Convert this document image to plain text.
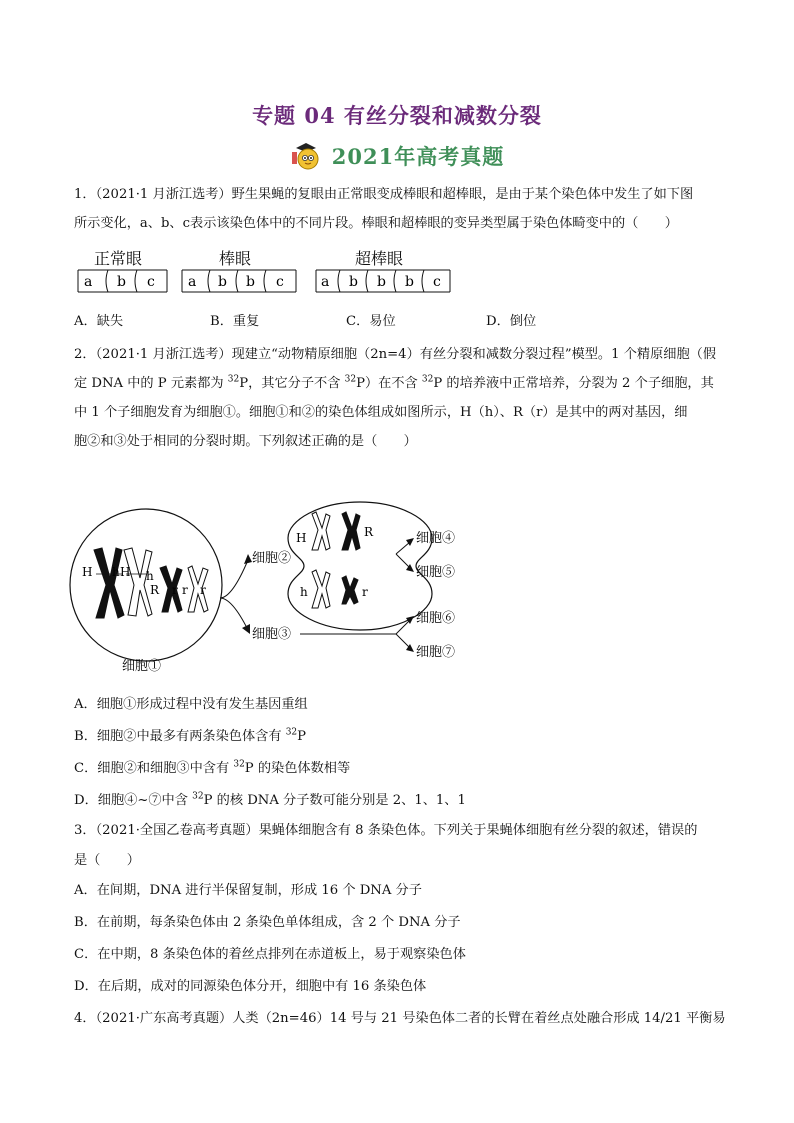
专题 04 有丝分裂和减数分裂
2021年高考真题
1．（2021·1 月浙江选考）野生果蝇的复眼由正常眼变成棒眼和超棒眼，是由于某个染色体中发生了如下图
所示变化，a、b、c表示该染色体中的不同片段。棒眼和超棒眼的变异类型属于染色体畸变中的（　　）
正常眼	棒眼	超棒眼
a b c a b b c	a b b b c
A．缺失	B．重复	C．易位	D．倒位
2．（2021·1 月浙江选考）现建立“动物精原细胞（2n=4）有丝分裂和减数分裂过程”模型。1 个精原细胞（假
定 DNA 中的 P 元素都为 $^{32}$P，其它分子不含 $^{32}$P）在不含 $^{32}$P 的培养液中正常培养，分裂为 2 个子细胞，其
中 1 个子细胞发育为细胞①。细胞①和②的染色体组成如图所示，H（h）、R（r）是其中的两对基因，细
胞②和③处于相同的分裂时期。下列叙述正确的是（　　）
H h H h
R r r r
细胞①
细胞②
细胞③
H	R
h	r
细胞④
细胞⑤
细胞⑥
细胞⑦
A．细胞①形成过程中没有发生基因重组
B．细胞②中最多有两条染色体含有 $^{32}$P
C．细胞②和细胞③中含有 $^{32}$P 的染色体数相等
D．细胞④~⑦中含 $^{32}$P 的核 DNA 分子数可能分别是 2、1、1、1
3．（2021·全国乙卷高考真题）果蝇体细胞含有 8 条染色体。下列关于果蝇体细胞有丝分裂的叙述，错误的
是（　　）
A．在间期，DNA 进行半保留复制，形成 16 个 DNA 分子
B．在前期，每条染色体由 2 条染色单体组成，含 2 个 DNA 分子
C．在中期，8 条染色体的着丝点排列在赤道板上，易于观察染色体
D．在后期，成对的同源染色体分开，细胞中有 16 条染色体
4．（2021·广东高考真题）人类（2n=46）14 号与 21 号染色体二者的长臂在着丝点处融合形成 14/21 平衡易
